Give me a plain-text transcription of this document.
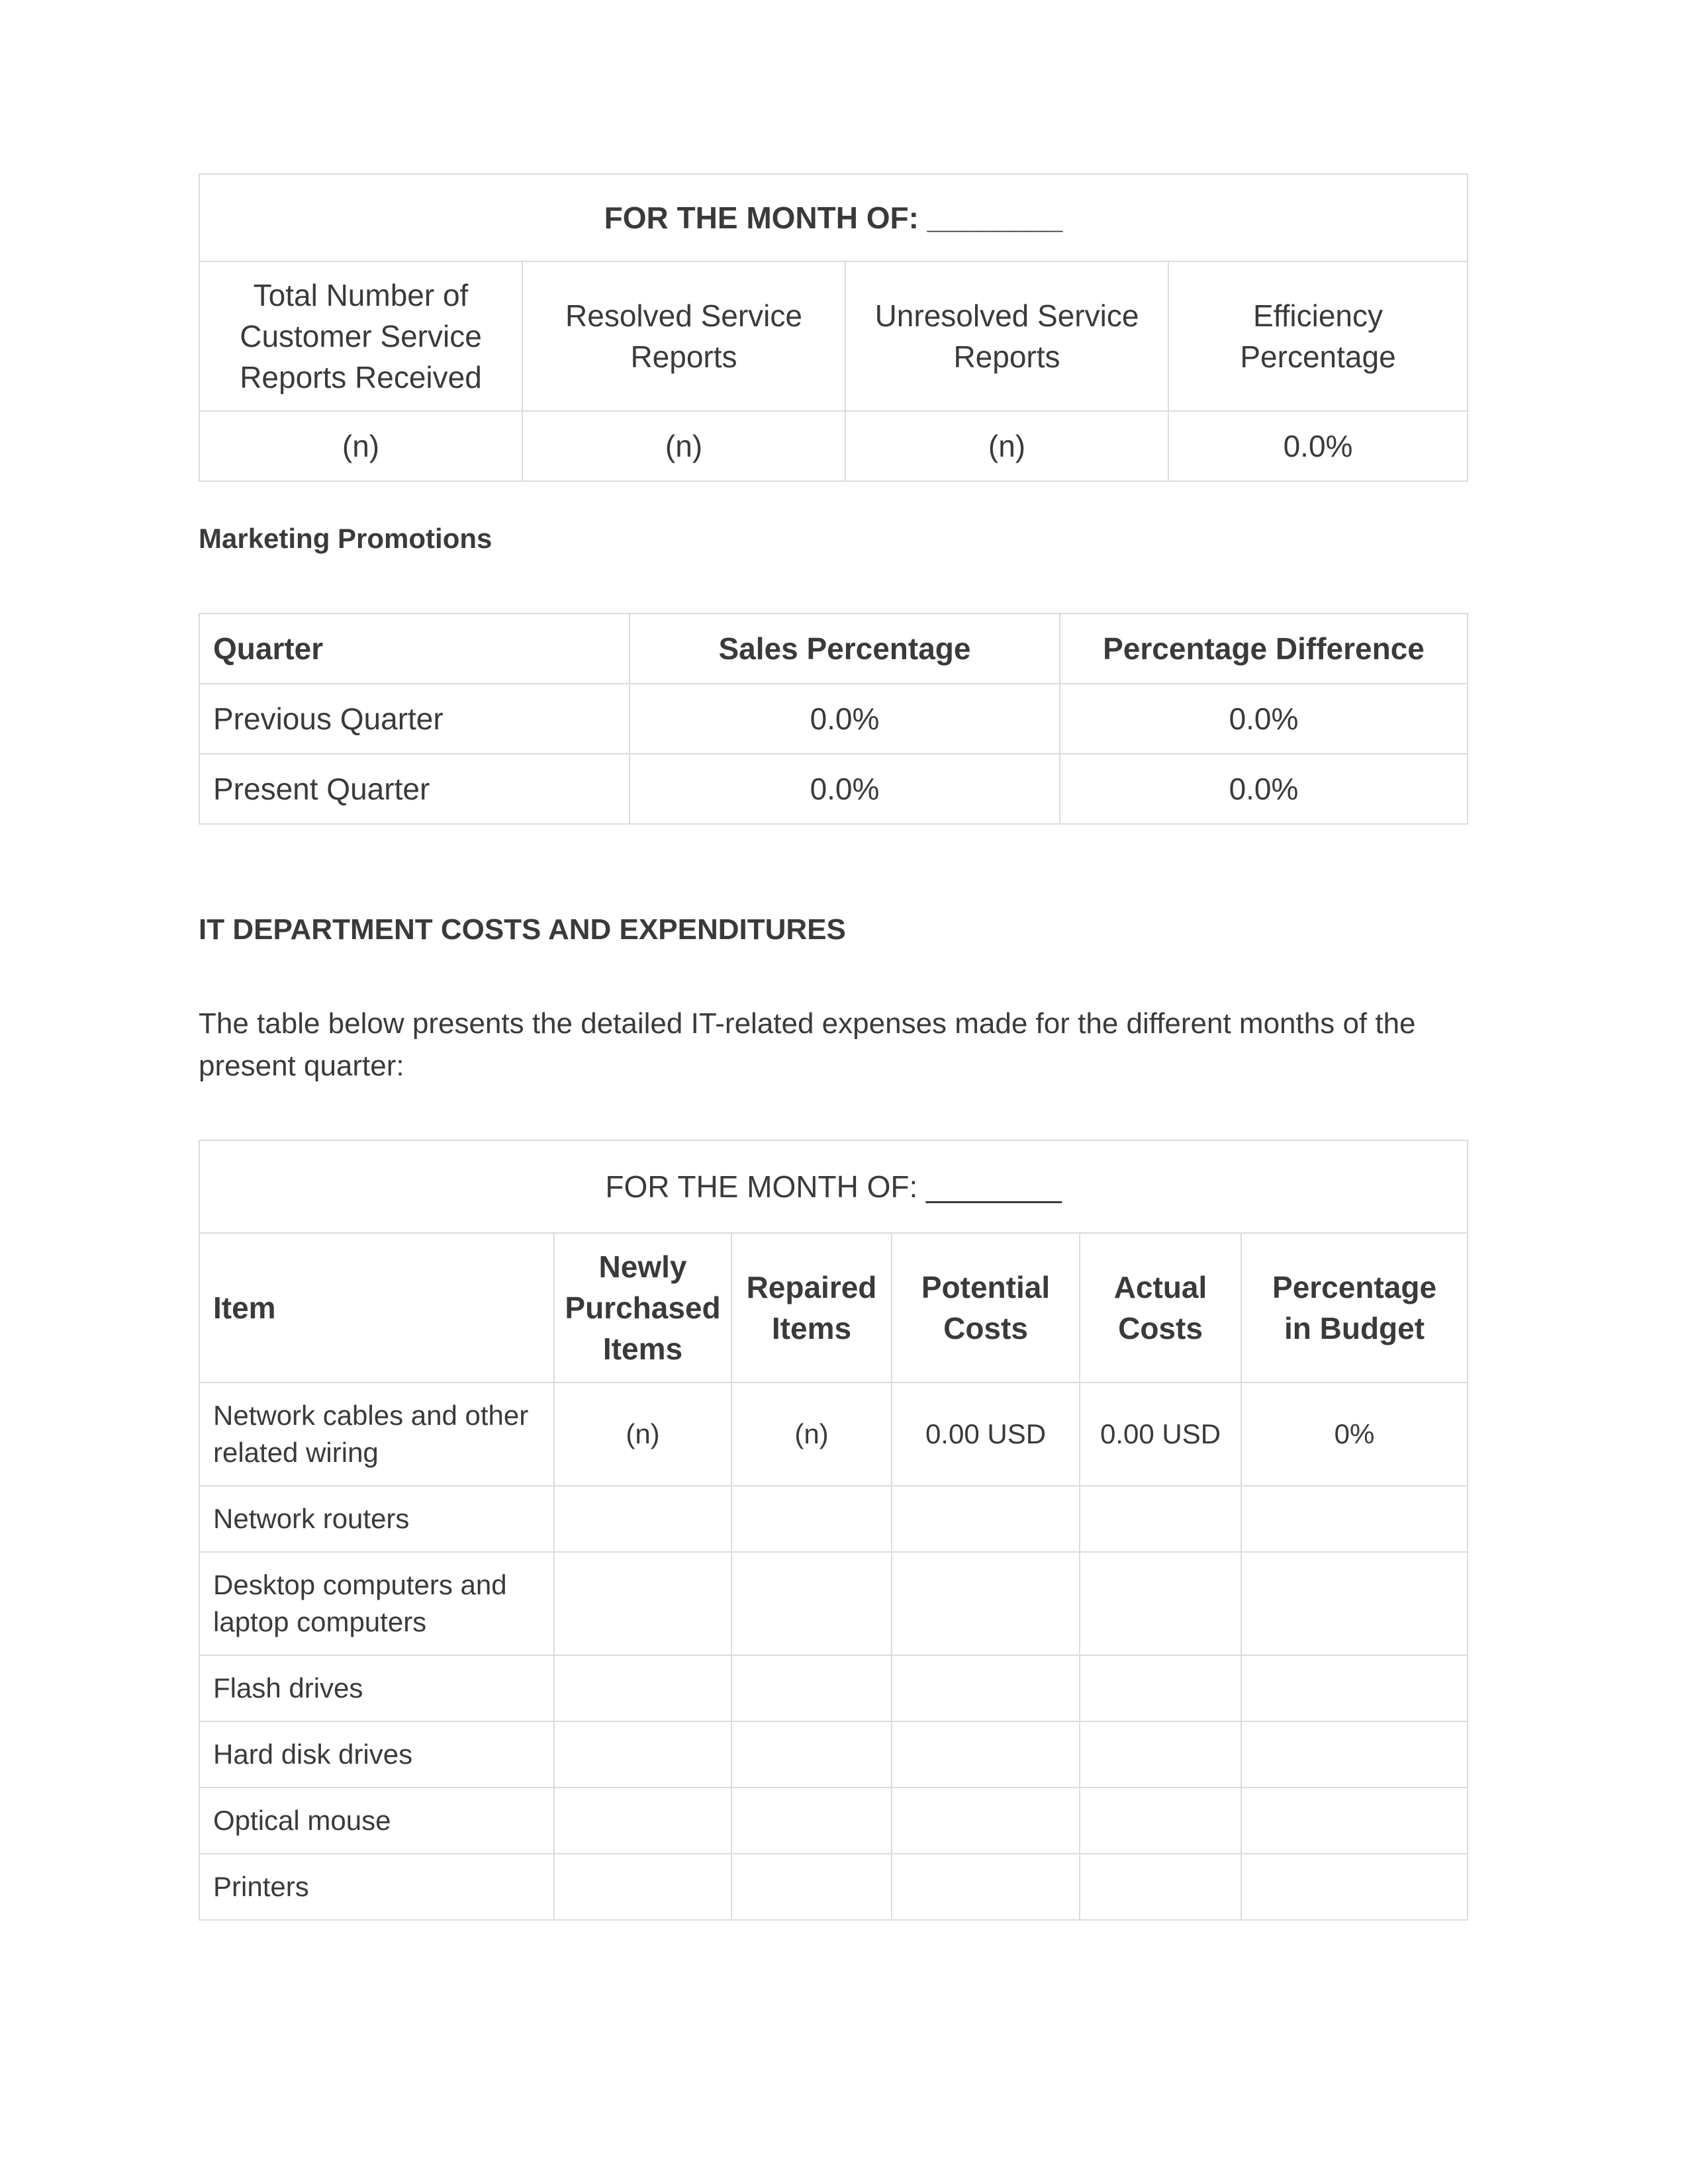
FOR THE MONTH OF: ________			
Total Number of Customer Service Reports Received	Resolved Service Reports	Unresolved Service Reports	Efficiency Percentage
(n)	(n)	(n)	0.0%
Marketing Promotions
Quarter	Sales Percentage	Percentage Difference
Previous Quarter	0.0%	0.0%
Present Quarter	0.0%	0.0%
IT DEPARTMENT COSTS AND EXPENDITURES
The table below presents the detailed IT-related expenses made for the different months of the present quarter:
FOR THE MONTH OF: ________					
Item	Newly Purchased Items	Repaired Items	Potential Costs	Actual Costs	Percentage in Budget
Network cables and other related wiring	(n)	(n)	0.00 USD	0.00 USD	0%
Network routers					
Desktop computers and laptop computers					
Flash drives					
Hard disk drives					
Optical mouse					
Printers					
